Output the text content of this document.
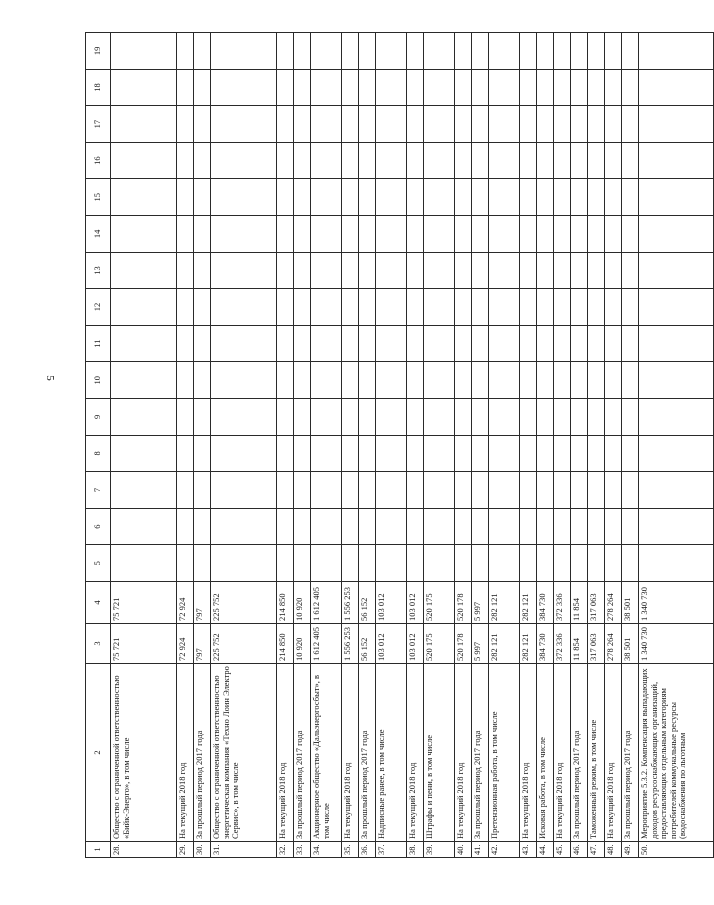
5
1	2	3	4	5	6	7	8	9	10	11	12	13	14	15	16	17	18	19
28.	Общество с ограниченной ответственностью «Бийк-Энерго», в том числе	75 721	75 721															
29.	На текущий 2018 год	72 924	72 924															
30.	За прошлый период 2017 года	797	797															
31.	Общество с ограниченной ответственностью энергетическая компания «Техно Лоин Электро Сервис», в том числе	225 752	225 752															
32.	На текущий 2018 год	214 850	214 850															
33.	За прошлый период 2017 года	10 920	10 920															
34.	Акционерное общество «Дальэнергосбыт», в том числе	1 612 405	1 612 405															
35.	На текущий 2018 год	1 556 253	1 556 253															
36.	За прошлый период 2017 года	56 152	56 152															
37.	Надписные ранее, в том числе	103 012	103 012															
38.	На текущий 2018 год	103 012	103 012															
39.	Штрафы и пени, в том числе	520 175	520 175															
40.	На текущий 2018 год	520 178	520 178															
41.	За прошлый период 2017 года	5 997	5 997															
42.	Претензионная работа, в том числе	282 121	282 121															
43.	На текущий 2018 год	282 121	282 121															
44.	Исковая работа, в том числе	384 730	384 730															
45.	На текущий 2018 год	372 336	372 336															
46.	За прошлый период 2017 года	11 854	11 854															
47.	Таможенный режим, в том числе	317 063	317 063															
48.	На текущий 2018 год	278 264	278 264															
49.	За прошлый период 2017 года	38 501	38 501															
50.	Мероприятие 5.3.2. Компенсация выпадающих доходов ресурсоснабжающих организаций, предоставляющих отдельным категориям потребителей коммунальные ресурсы (водоснабжения по льготным	1 340 730	1 340 730															
